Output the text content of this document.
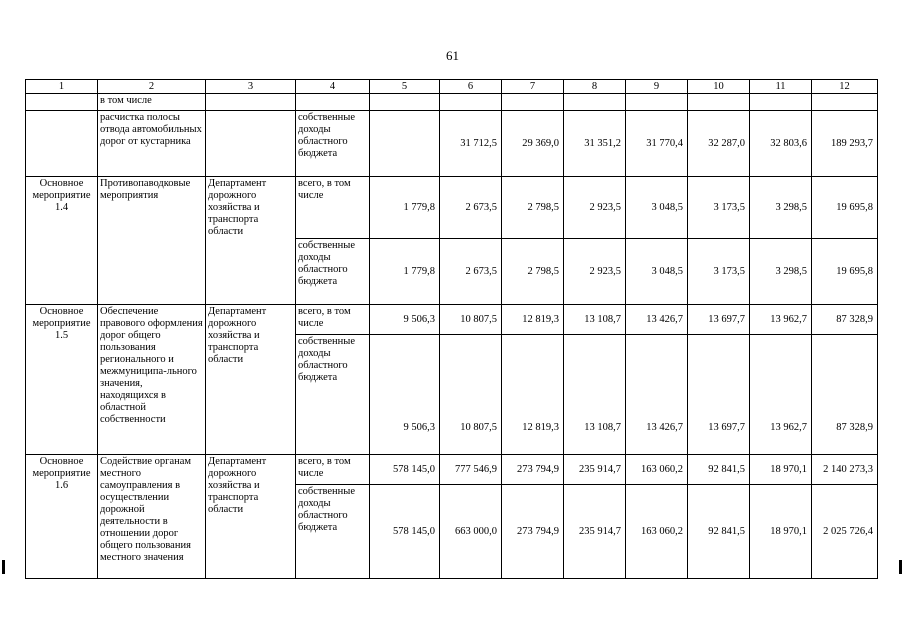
61
1	2	3	4	5	6	7	8	9	10	11	12
	в том числе										
	расчистка полосы отвода автомобильных дорог от кустарника		собственные доходы областного бюджета		31 712,5	29 369,0	31 351,2	31 770,4	32 287,0	32 803,6	189 293,7
Основное мероприятие 1.4	Противопаводковые мероприятия	Департамент дорожного хозяйства и транспорта области	всего, в том числе	1 779,8	2 673,5	2 798,5	2 923,5	3 048,5	3 173,5	3 298,5	19 695,8
			собственные доходы областного бюджета	1 779,8	2 673,5	2 798,5	2 923,5	3 048,5	3 173,5	3 298,5	19 695,8
Основное мероприятие 1.5	Обеспечение правового оформления дорог общего пользования регионального и межмуниципа-льного значения, находящихся в областной собственности	Департамент дорожного хозяйства и транспорта области	всего, в том числе	9 506,3	10 807,5	12 819,3	13 108,7	13 426,7	13 697,7	13 962,7	87 328,9
			собственные доходы областного бюджета	9 506,3	10 807,5	12 819,3	13 108,7	13 426,7	13 697,7	13 962,7	87 328,9
Основное мероприятие 1.6	Содействие органам местного самоуправления в осуществлении дорожной деятельности в отношении дорог общего пользования местного значения	Департамент дорожного хозяйства и транспорта области	всего, в том числе	578 145,0	777 546,9	273 794,9	235 914,7	163 060,2	92 841,5	18 970,1	2 140 273,3
			собственные доходы областного бюджета	578 145,0	663 000,0	273 794,9	235 914,7	163 060,2	92 841,5	18 970,1	2 025 726,4
